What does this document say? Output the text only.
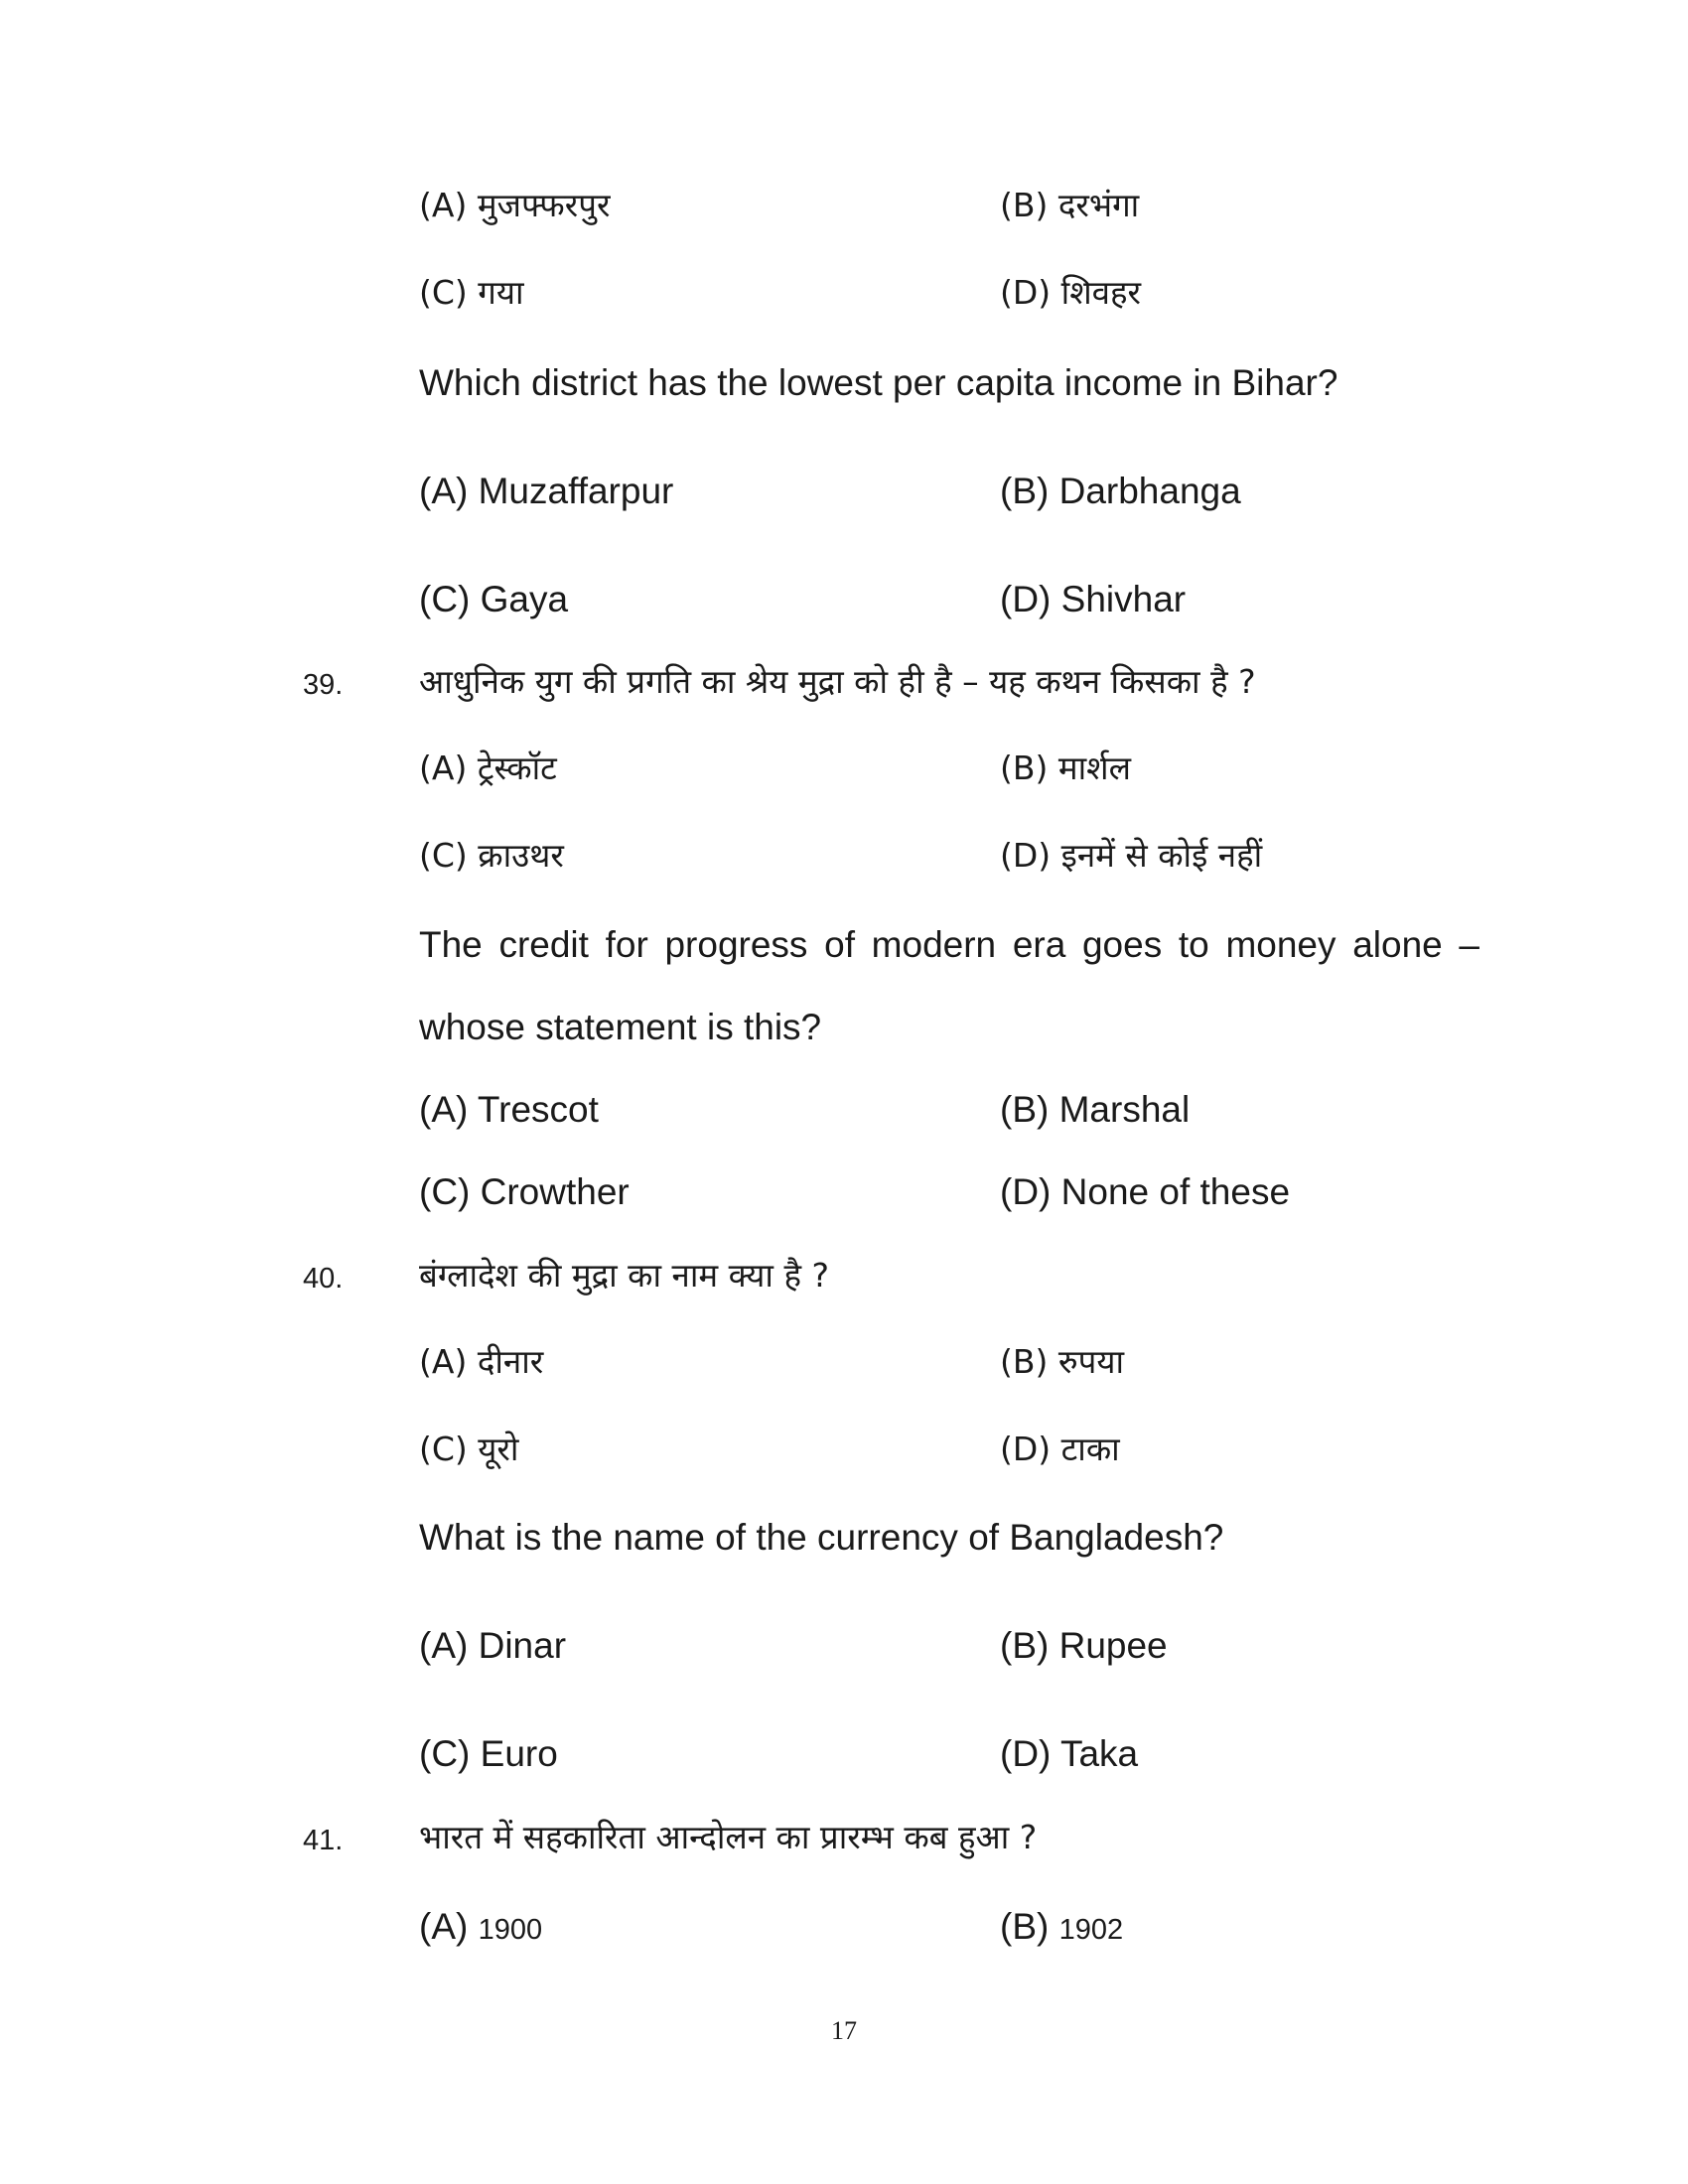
(A) मुजफ्फरपुर	(B) दरभंगा
(C) गया	(D) शिवहर
Which district has the lowest per capita income in Bihar?
(A) Muzaffarpur	(B) Darbhanga
(C) Gaya	(D) Shivhar
39. आधुनिक युग की प्रगति का श्रेय मुद्रा को ही है – यह कथन किसका है ?
(A) ट्रेस्कॉट	(B) मार्शल
(C) क्राउथर	(D) इनमें से कोई नहीं
The credit for progress of modern era goes to money alone –
whose statement is this?
(A) Trescot	(B) Marshal
(C) Crowther	(D) None of these
40. बंग्लादेश की मुद्रा का नाम क्या है ?
(A) दीनार	(B) रुपया
(C) यूरो	(D) टाका
What is the name of the currency of Bangladesh?
(A) Dinar	(B) Rupee
(C) Euro	(D) Taka
41. भारत में सहकारिता आन्दोलन का प्रारम्भ कब हुआ ?
(A) 1900	(B) 1902
17
